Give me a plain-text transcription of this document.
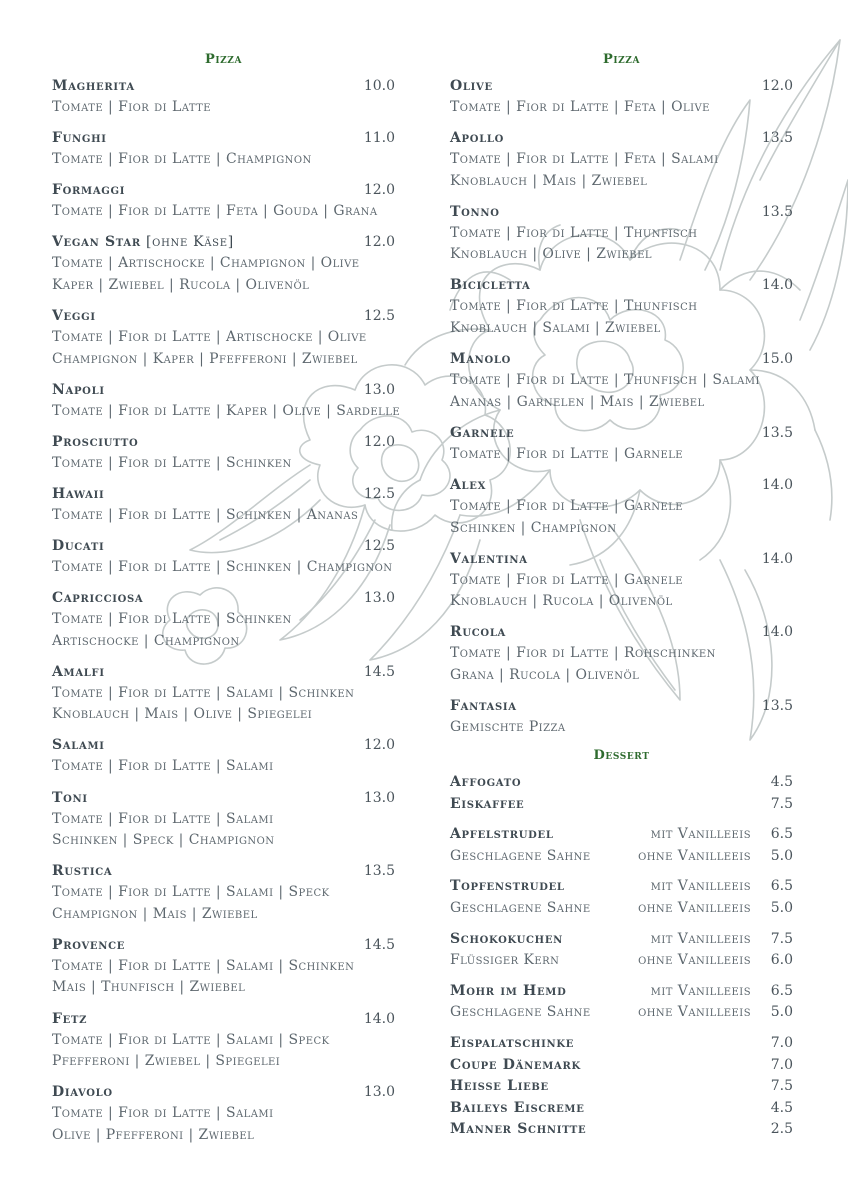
Pizza
Magherita	10.0
Tomate | Fior di Latte
Funghi	11.0
Tomate | Fior di Latte | Champignon
Formaggi	12.0
Tomate | Fior di Latte | Feta | Gouda | Grana
Vegan Star [ohne Käse]	12.0
Tomate | Artischocke | Champignon | Olive
Kaper | Zwiebel | Rucola | Olivenöl
Veggi	12.5
Tomate | Fior di Latte | Artischocke | Olive
Champignon | Kaper | Pfefferoni | Zwiebel
Napoli	13.0
Tomate | Fior di Latte | Kaper | Olive | Sardelle
Prosciutto	12.0
Tomate | Fior di Latte | Schinken
Hawaii	12.5
Tomate | Fior di Latte | Schinken | Ananas
Ducati	12.5
Tomate | Fior di Latte | Schinken | Champignon
Capricciosa	13.0
Tomate | Fior di Latte | Schinken
Artischocke | Champignon
Amalfi	14.5
Tomate | Fior di Latte | Salami | Schinken
Knoblauch | Mais | Olive | Spiegelei
Salami	12.0
Tomate | Fior di Latte | Salami
Toni	13.0
Tomate | Fior di Latte | Salami
Schinken | Speck | Champignon
Rustica	13.5
Tomate | Fior di Latte | Salami | Speck
Champignon | Mais | Zwiebel
Provence	14.5
Tomate | Fior di Latte | Salami | Schinken
Mais | Thunfisch | Zwiebel
Fetz	14.0
Tomate | Fior di Latte | Salami | Speck
Pfefferoni | Zwiebel | Spiegelei
Diavolo	13.0
Tomate | Fior di Latte | Salami
Olive | Pfefferoni | Zwiebel
Pizza
Olive	12.0
Tomate | Fior di Latte | Feta | Olive
Apollo	13.5
Tomate | Fior di Latte | Feta | Salami
Knoblauch | Mais | Zwiebel
Tonno	13.5
Tomate | Fior di Latte | Thunfisch
Knoblauch | Olive | Zwiebel
Bicicletta	14.0
Tomate | Fior di Latte | Thunfisch
Knoblauch | Salami | Zwiebel
Manolo	15.0
Tomate | Fior di Latte | Thunfisch | Salami
Ananas | Garnelen | Mais | Zwiebel
Garnele	13.5
Tomate | Fior di Latte | Garnele
Alex	14.0
Tomate | Fior di Latte | Garnele
Schinken | Champignon
Valentina	14.0
Tomate | Fior di Latte | Garnele
Knoblauch | Rucola | Olivenöl
Rucola	14.0
Tomate | Fior di Latte | Rohschinken
Grana | Rucola | Olivenöl
Fantasia	13.5
Gemischte Pizza
Dessert
Affogato	4.5
Eiskaffee	7.5
Apfelstrudel	mit Vanilleeis 6.5
Geschlagene Sahne	ohne Vanilleeis 5.0
Topfenstrudel	mit Vanilleeis 6.5
Geschlagene Sahne	ohne Vanilleeis 5.0
Schokokuchen	mit Vanilleeis 7.5
Flüssiger Kern	ohne Vanilleeis 6.0
Mohr im Hemd	mit Vanilleeis 6.5
Geschlagene Sahne	ohne Vanilleeis 5.0
Eispalatschinke	7.0
Coupe Dänemark	7.0
Heisse Liebe	7.5
Baileys Eiscreme	4.5
Manner Schnitte	2.5
